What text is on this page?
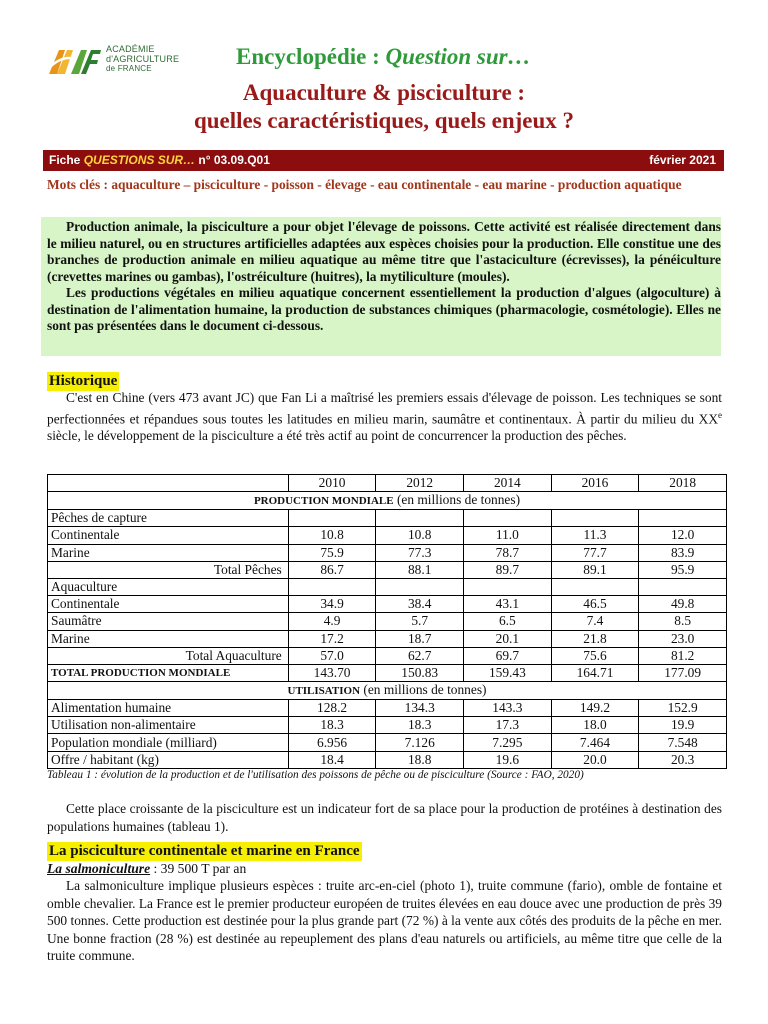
ACADÉMIE
d'AGRICULTURE
de FRANCE	Encyclopédie : Question sur…
Aquaculture & pisciculture :
quelles caractéristiques, quels enjeux ?
Fiche QUESTIONS SUR… n° 03.09.Q01	février 2021
Mots clés : aquaculture – pisciculture - poisson - élevage - eau continentale - eau marine - production aquatique

Production animale, la pisciculture a pour objet l'élevage de poissons. Cette activité est réalisée directement dans le milieu naturel, ou en structures artificielles adaptées aux espèces choisies pour la production. Elle constitue une des branches de production animale en milieu aquatique au même titre que l'astaciculture (écrevisses), la pénéiculture (crevettes marines ou gambas), l'ostréiculture (huitres), la mytiliculture (moules).

Les productions végétales en milieu aquatique concernent essentiellement la production d'algues (algoculture) à destination de l'alimentation humaine, la production de substances chimiques (pharmacologie, cosmétologie). Elles ne sont pas présentées dans le document ci-dessous.

Historique

C'est en Chine (vers 473 avant JC) que Fan Li a maîtrisé les premiers essais d'élevage de poisson. Les techniques se sont perfectionnées et répandues sous toutes les latitudes en milieu marin, saumâtre et continentaux. À partir du milieu du XXe siècle, le développement de la pisciculture a été très actif au point de concurrencer la production des pêches.

	2010	2012	2014	2016	2018
PRODUCTION MONDIALE (en millions de tonnes)					
Pêches de capture					
Continentale	10.8	10.8	11.0	11.3	12.0
Marine	75.9	77.3	78.7	77.7	83.9
Total Pêches	86.7	88.1	89.7	89.1	95.9
Aquaculture					
Continentale	34.9	38.4	43.1	46.5	49.8
Saumâtre	4.9	5.7	6.5	7.4	8.5
Marine	17.2	18.7	20.1	21.8	23.0
Total Aquaculture	57.0	62.7	69.7	75.6	81.2
TOTAL PRODUCTION MONDIALE	143.70	150.83	159.43	164.71	177.09
UTILISATION (en millions de tonnes)					
Alimentation humaine	128.2	134.3	143.3	149.2	152.9
Utilisation non-alimentaire	18.3	18.3	17.3	18.0	19.9
Population mondiale (milliard)	6.956	7.126	7.295	7.464	7.548
Offre / habitant (kg)	18.4	18.8	19.6	20.0	20.3
Tableau 1 : évolution de la production et de l'utilisation des poissons de pêche ou de pisciculture (Source : FAO, 2020)

Cette place croissante de la pisciculture est un indicateur fort de sa place pour la production de protéines à destination des populations humaines (tableau 1).

La pisciculture continentale et marine en France
La salmoniculture : 39 500 T par an

La salmoniculture implique plusieurs espèces : truite arc-en-ciel (photo 1), truite commune (fario), omble de fontaine et omble chevalier. La France est le premier producteur européen de truites élevées en eau douce avec une production de près 39 500 tonnes. Cette production est destinée pour la plus grande part (72 %) à la vente aux côtés des produits de la pêche en mer. Une bonne fraction (28 %) est destinée au repeuplement des plans d'eau naturels ou artificiels, au même titre que celle de la truite commune.
